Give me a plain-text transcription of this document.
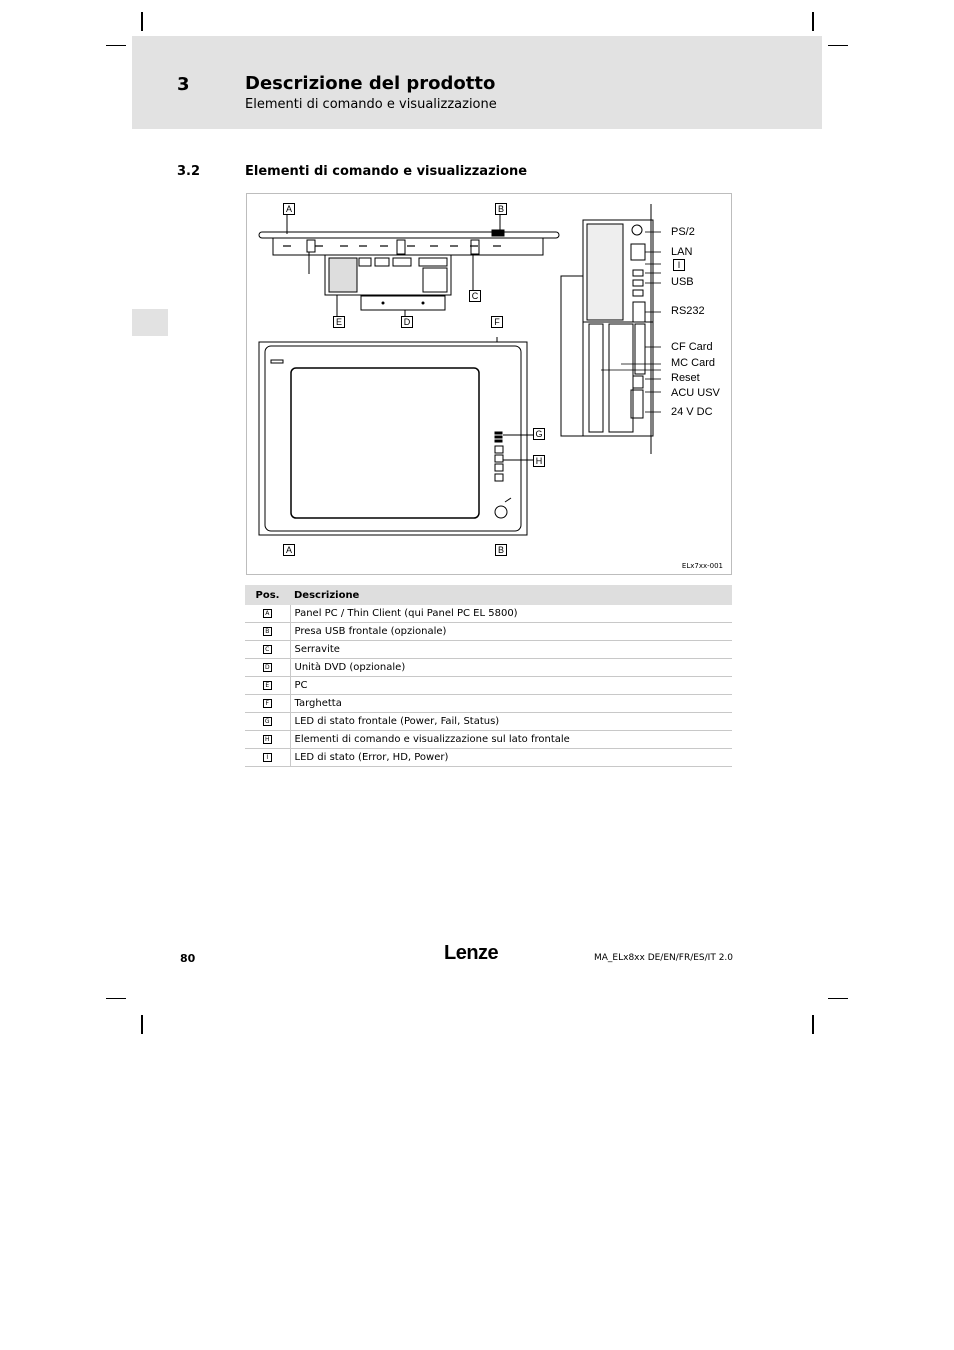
3	Descrizione del prodotto
Elementi di comando e visualizzazione
3.2	Elementi di comando e visualizzazione
A	B
C
D
E	F
G
H
I
A	B
PS/2
LAN
USB
RS232
CF Card
MC Card
Reset
ACU USV
24 V DC
ELx7xx-001
Pos.	Descrizione
A	Panel PC / Thin Client (qui Panel PC EL 5800)
B	Presa USB frontale (opzionale)
C	Serravite
D	Unità DVD (opzionale)
E	PC
F	Targhetta
G	LED di stato frontale (Power, Fail, Status)
H	Elementi di comando e visualizzazione sul lato frontale
I	LED di stato (Error, HD, Power)
80	Lenze	MA_ELx8xx DE/EN/FR/ES/IT 2.0
